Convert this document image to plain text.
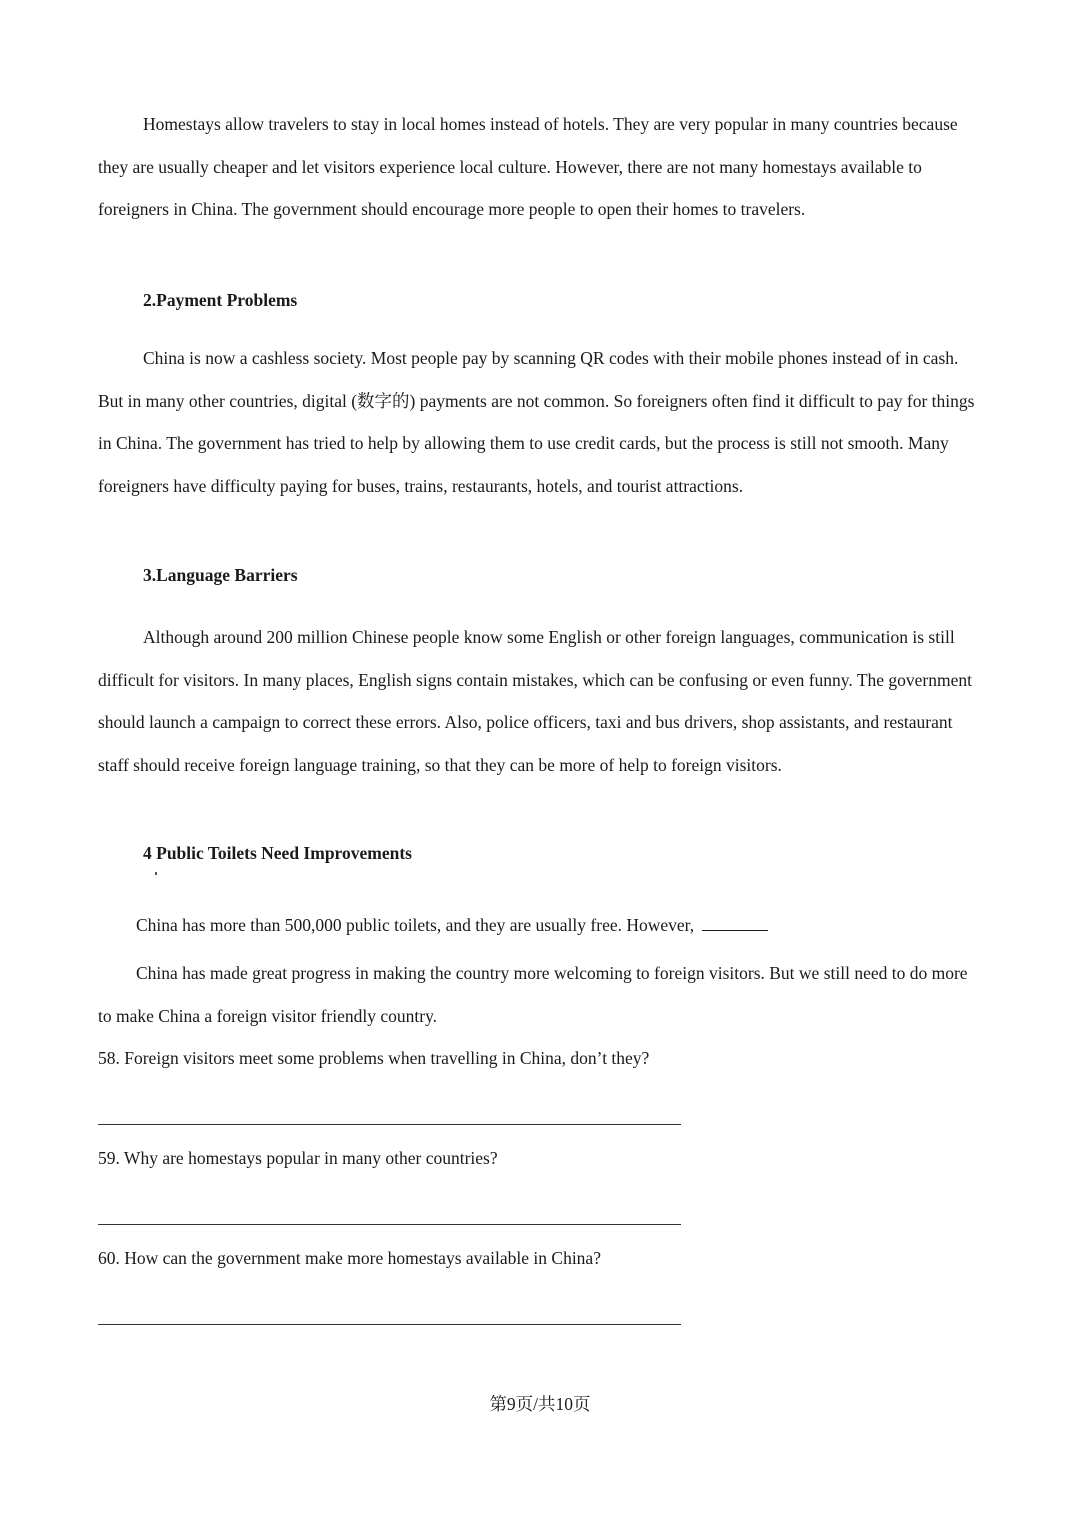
Homestays allow travelers to stay in local homes instead of hotels. They are very popular in many countries because they are usually cheaper and let visitors experience local culture. However, there are not many homestays available to foreigners in China. The government should encourage more people to open their homes to travelers.

2.Payment Problems

China is now a cashless society. Most people pay by scanning QR codes with their mobile phones instead of in cash. But in many other countries, digital (数字的) payments are not common. So foreigners often find it difficult to pay for things in China. The government has tried to help by allowing them to use credit cards, but the process is still not smooth. Many foreigners have difficulty paying for buses, trains, restaurants, hotels, and tourist attractions.

3.Language Barriers

Although around 200 million Chinese people know some English or other foreign languages, communication is still difficult for visitors. In many places, English signs contain mistakes, which can be confusing or even funny. The government should launch a campaign to correct these errors. Also, police officers, taxi and bus drivers, shop assistants, and restaurant staff should receive foreign language training, so that they can be more of help to foreign visitors.

4 Public Toilets Need Improvements

China has more than 500,000 public toilets, and they are usually free. However,

China has made great progress in making the country more welcoming to foreign visitors. But we still need to do more to make China a foreign visitor friendly country.

58. Foreign visitors meet some problems when travelling in China, don’t they?

59. Why are homestays popular in many other countries?

60. How can the government make more homestays available in China?

第9页/共10页
